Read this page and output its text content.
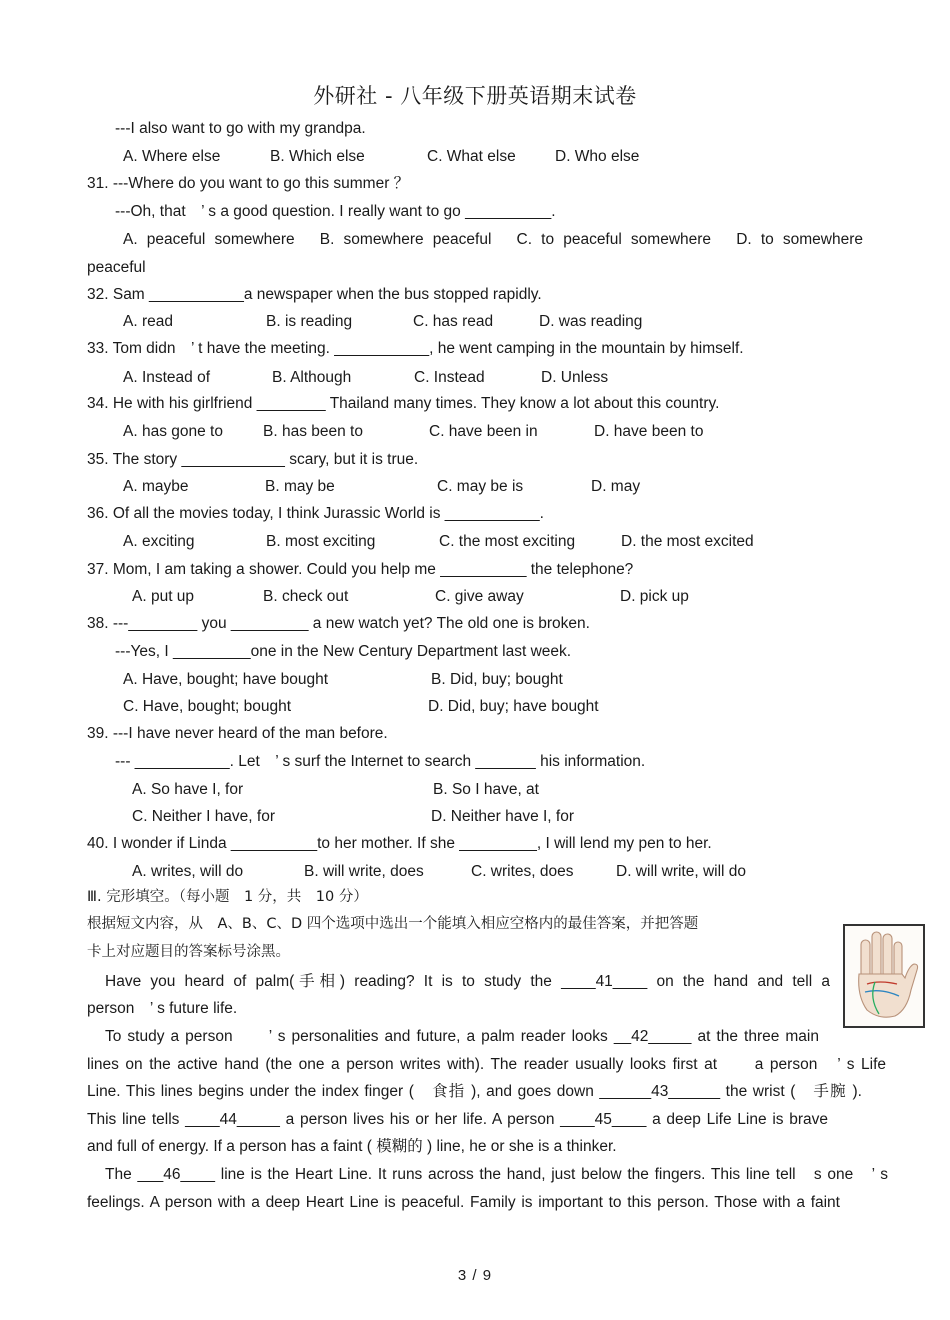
外研社 - 八年级下册英语期末试卷
---I also want to go with my grandpa.
A. Where else	B. Which else	C. What else	D. Who else
31. ---Where do you want to go this summer ？
---Oh, that　’ s a good question. I really want to go __________.
A. peaceful somewhere　B. somewhere peaceful　C. to peaceful somewhere　D. to somewhere
peaceful
32. Sam ___________a newspaper when the bus stopped rapidly.
A. read	B. is reading	C. has read	D. was reading
33. Tom didn　’ t have the meeting. ___________, he went camping in the mountain by himself.
A. Instead of	B. Although	C. Instead	D. Unless
34. He with his girlfriend ________ Thailand many times. They know a lot about this country.
A. has gone to	B. has been to	C. have been in	D. have been to
35. The story ____________ scary, but it is true.
A. maybe	B. may be	C. may be is	D. may
36. Of all the movies today, I think Jurassic World is ___________.
A. exciting	B. most exciting	C. the most exciting	D. the most excited
37. Mom, I am taking a shower. Could you help me __________ the telephone?
A. put up	B. check out	C. give away	D. pick up
38. ---________ you _________ a new watch yet? The old one is broken.
---Yes, I _________one in the New Century Department last week.
A. Have, bought; have bought	B. Did, buy; bought
C. Have, bought; bought	D. Did, buy; have bought
39. ---I have never heard of the man before.
--- ___________. Let　’ s surf the Internet to search _______ his information.
A. So have I, for	B. So I have, at
C. Neither I have, for	D. Neither have I, for
40. I wonder if Linda __________to her mother. If she _________, I will lend my pen to her.
A. writes, will do	B. will write, does	C. writes, does	D. will write, will do
Ⅲ. 完形填空。（每小题　1 分，共　10 分）
根据短文内容，从　A、B、C、D 四个选项中选出一个能填入相应空格内的最佳答案，并把答题
卡上对应题目的答案标号涂黑。
Have you heard of palm(手相) reading? It is to study the ____41____ on the hand and tell a
person　’ s future life.
To study a person　　’ s personalities and future, a palm reader looks __42_____ at the three main
lines on the active hand (the one a person writes with). The reader usually looks first at　　a person　’ s Life
Line. This lines begins under the index finger (　食指 ), and goes down ______43______ the wrist (　手腕 ).
This line tells ____44_____ a person lives his or her life. A person ____45____ a deep Life Line is brave
and full of energy. If a person has a faint ( 模糊的 ) line, he or she is a thinker.
The ___46____ line is the Heart Line. It runs across the hand, just below the fingers. This line tell　s one　’ s
feelings. A person with a deep Heart Line is peaceful. Family is important to this person. Those with a faint
3 / 9
